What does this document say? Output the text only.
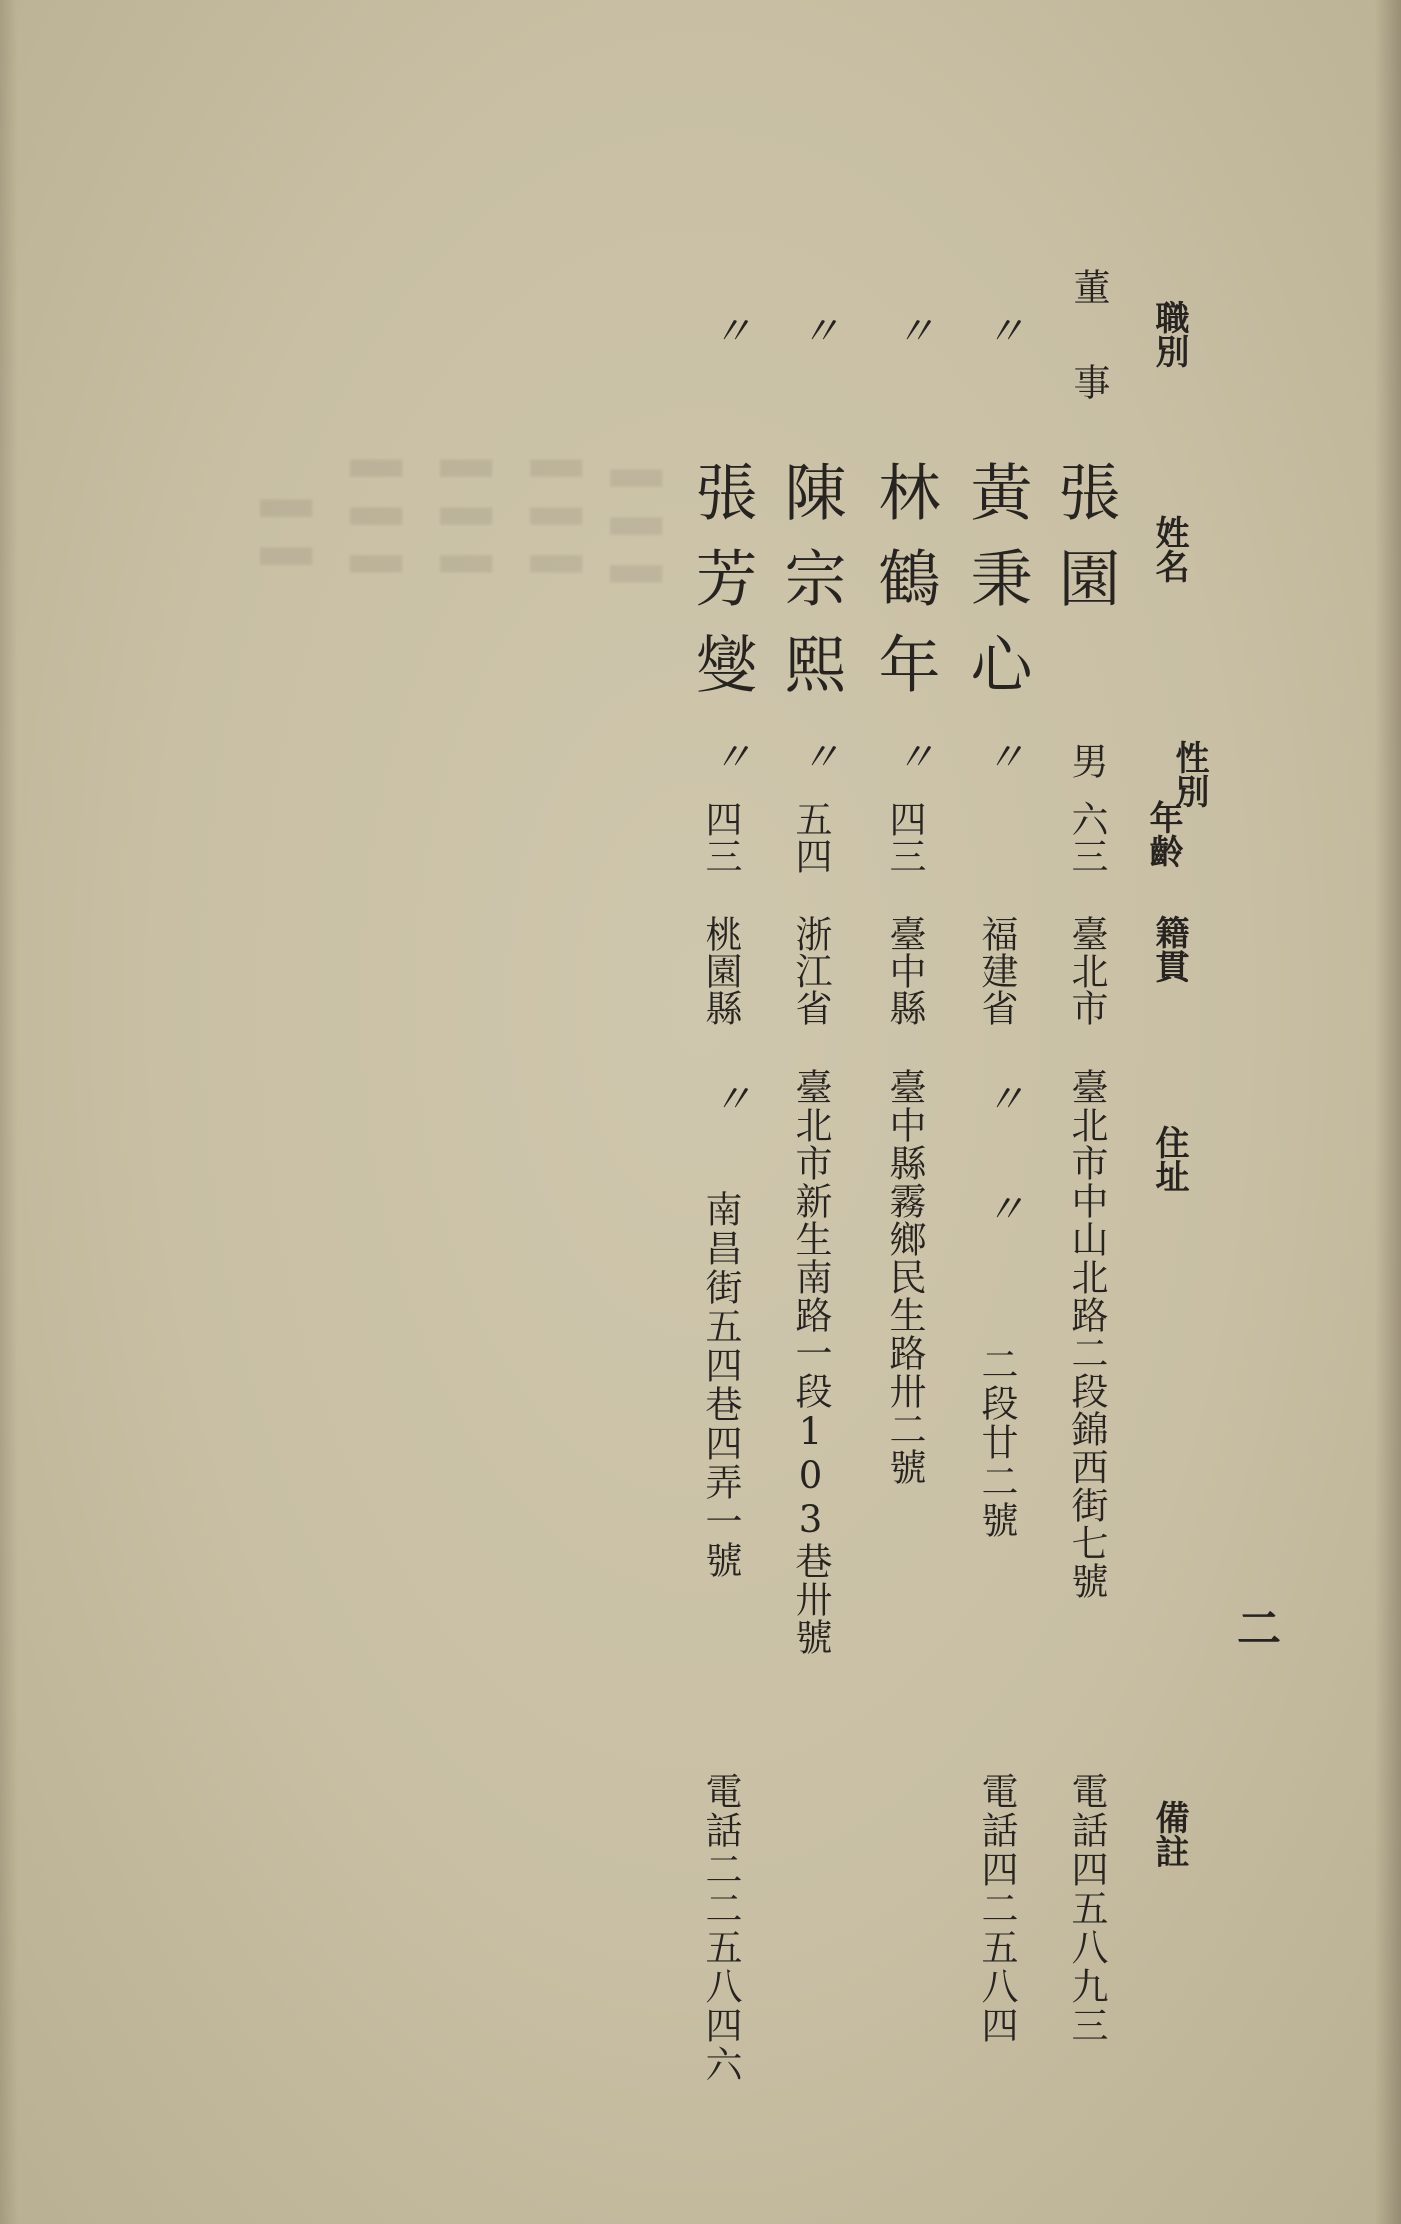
▌▌▌
▌▌▌
▌▌▌
▌▌▌
▌▌
二
職別
姓名
性別
年齡
籍貫
住址
備註
董事
張園
男
六三
臺北市
臺北市中山北路二段錦西街七號
電話四五八九三
〃
黃秉心
〃
福建省
〃
〃
二段廿二號
電話四二五八四
〃
林鶴年
〃
四三
臺中縣
臺中縣霧鄉民生路卅二號
〃
陳宗熙
〃
五四
浙江省
臺北市新生南路一段103巷卅號
〃
張芳燮
〃
四三
桃園縣
〃
南昌街五四巷四弄一號
電話二二五八四六
